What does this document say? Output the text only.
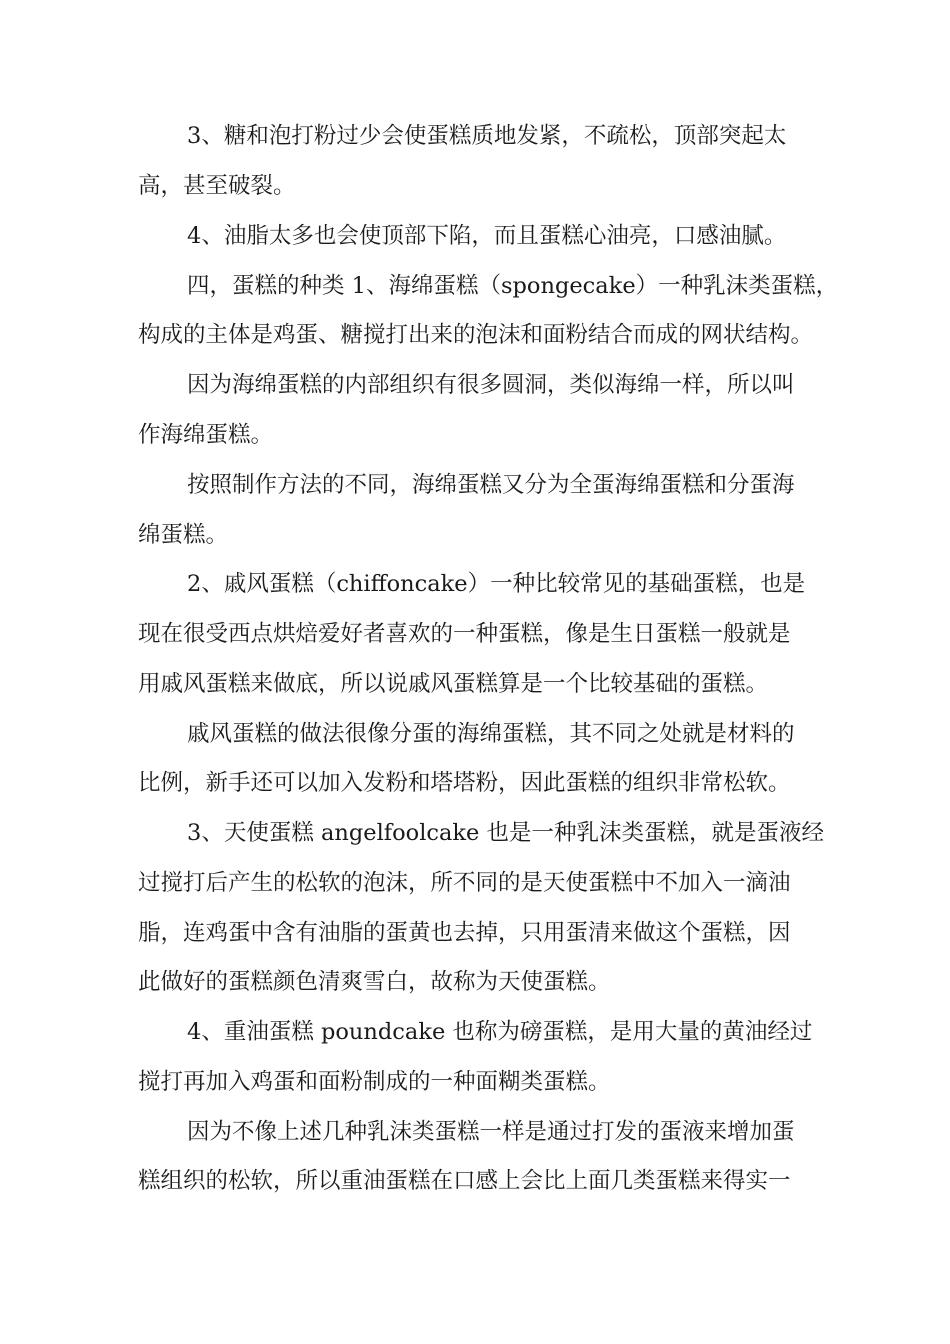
3、糖和泡打粉过少会使蛋糕质地发紧，不疏松，顶部突起太

高，甚至破裂。

4、油脂太多也会使顶部下陷，而且蛋糕心油亮，口感油腻。

四，蛋糕的种类 1、海绵蛋糕（spongecake）一种乳沫类蛋糕，

构成的主体是鸡蛋、糖搅打出来的泡沫和面粉结合而成的网状结构。

因为海绵蛋糕的内部组织有很多圆洞，类似海绵一样，所以叫

作海绵蛋糕。

按照制作方法的不同，海绵蛋糕又分为全蛋海绵蛋糕和分蛋海

绵蛋糕。

2、戚风蛋糕（chiffoncake）一种比较常见的基础蛋糕，也是

现在很受西点烘焙爱好者喜欢的一种蛋糕，像是生日蛋糕一般就是

用戚风蛋糕来做底，所以说戚风蛋糕算是一个比较基础的蛋糕。

戚风蛋糕的做法很像分蛋的海绵蛋糕，其不同之处就是材料的

比例，新手还可以加入发粉和塔塔粉，因此蛋糕的组织非常松软。

3、天使蛋糕 angelfoolcake 也是一种乳沫类蛋糕，就是蛋液经

过搅打后产生的松软的泡沫，所不同的是天使蛋糕中不加入一滴油

脂，连鸡蛋中含有油脂的蛋黄也去掉，只用蛋清来做这个蛋糕，因

此做好的蛋糕颜色清爽雪白，故称为天使蛋糕。

4、重油蛋糕 poundcake 也称为磅蛋糕，是用大量的黄油经过

搅打再加入鸡蛋和面粉制成的一种面糊类蛋糕。

因为不像上述几种乳沫类蛋糕一样是通过打发的蛋液来增加蛋

糕组织的松软，所以重油蛋糕在口感上会比上面几类蛋糕来得实一
